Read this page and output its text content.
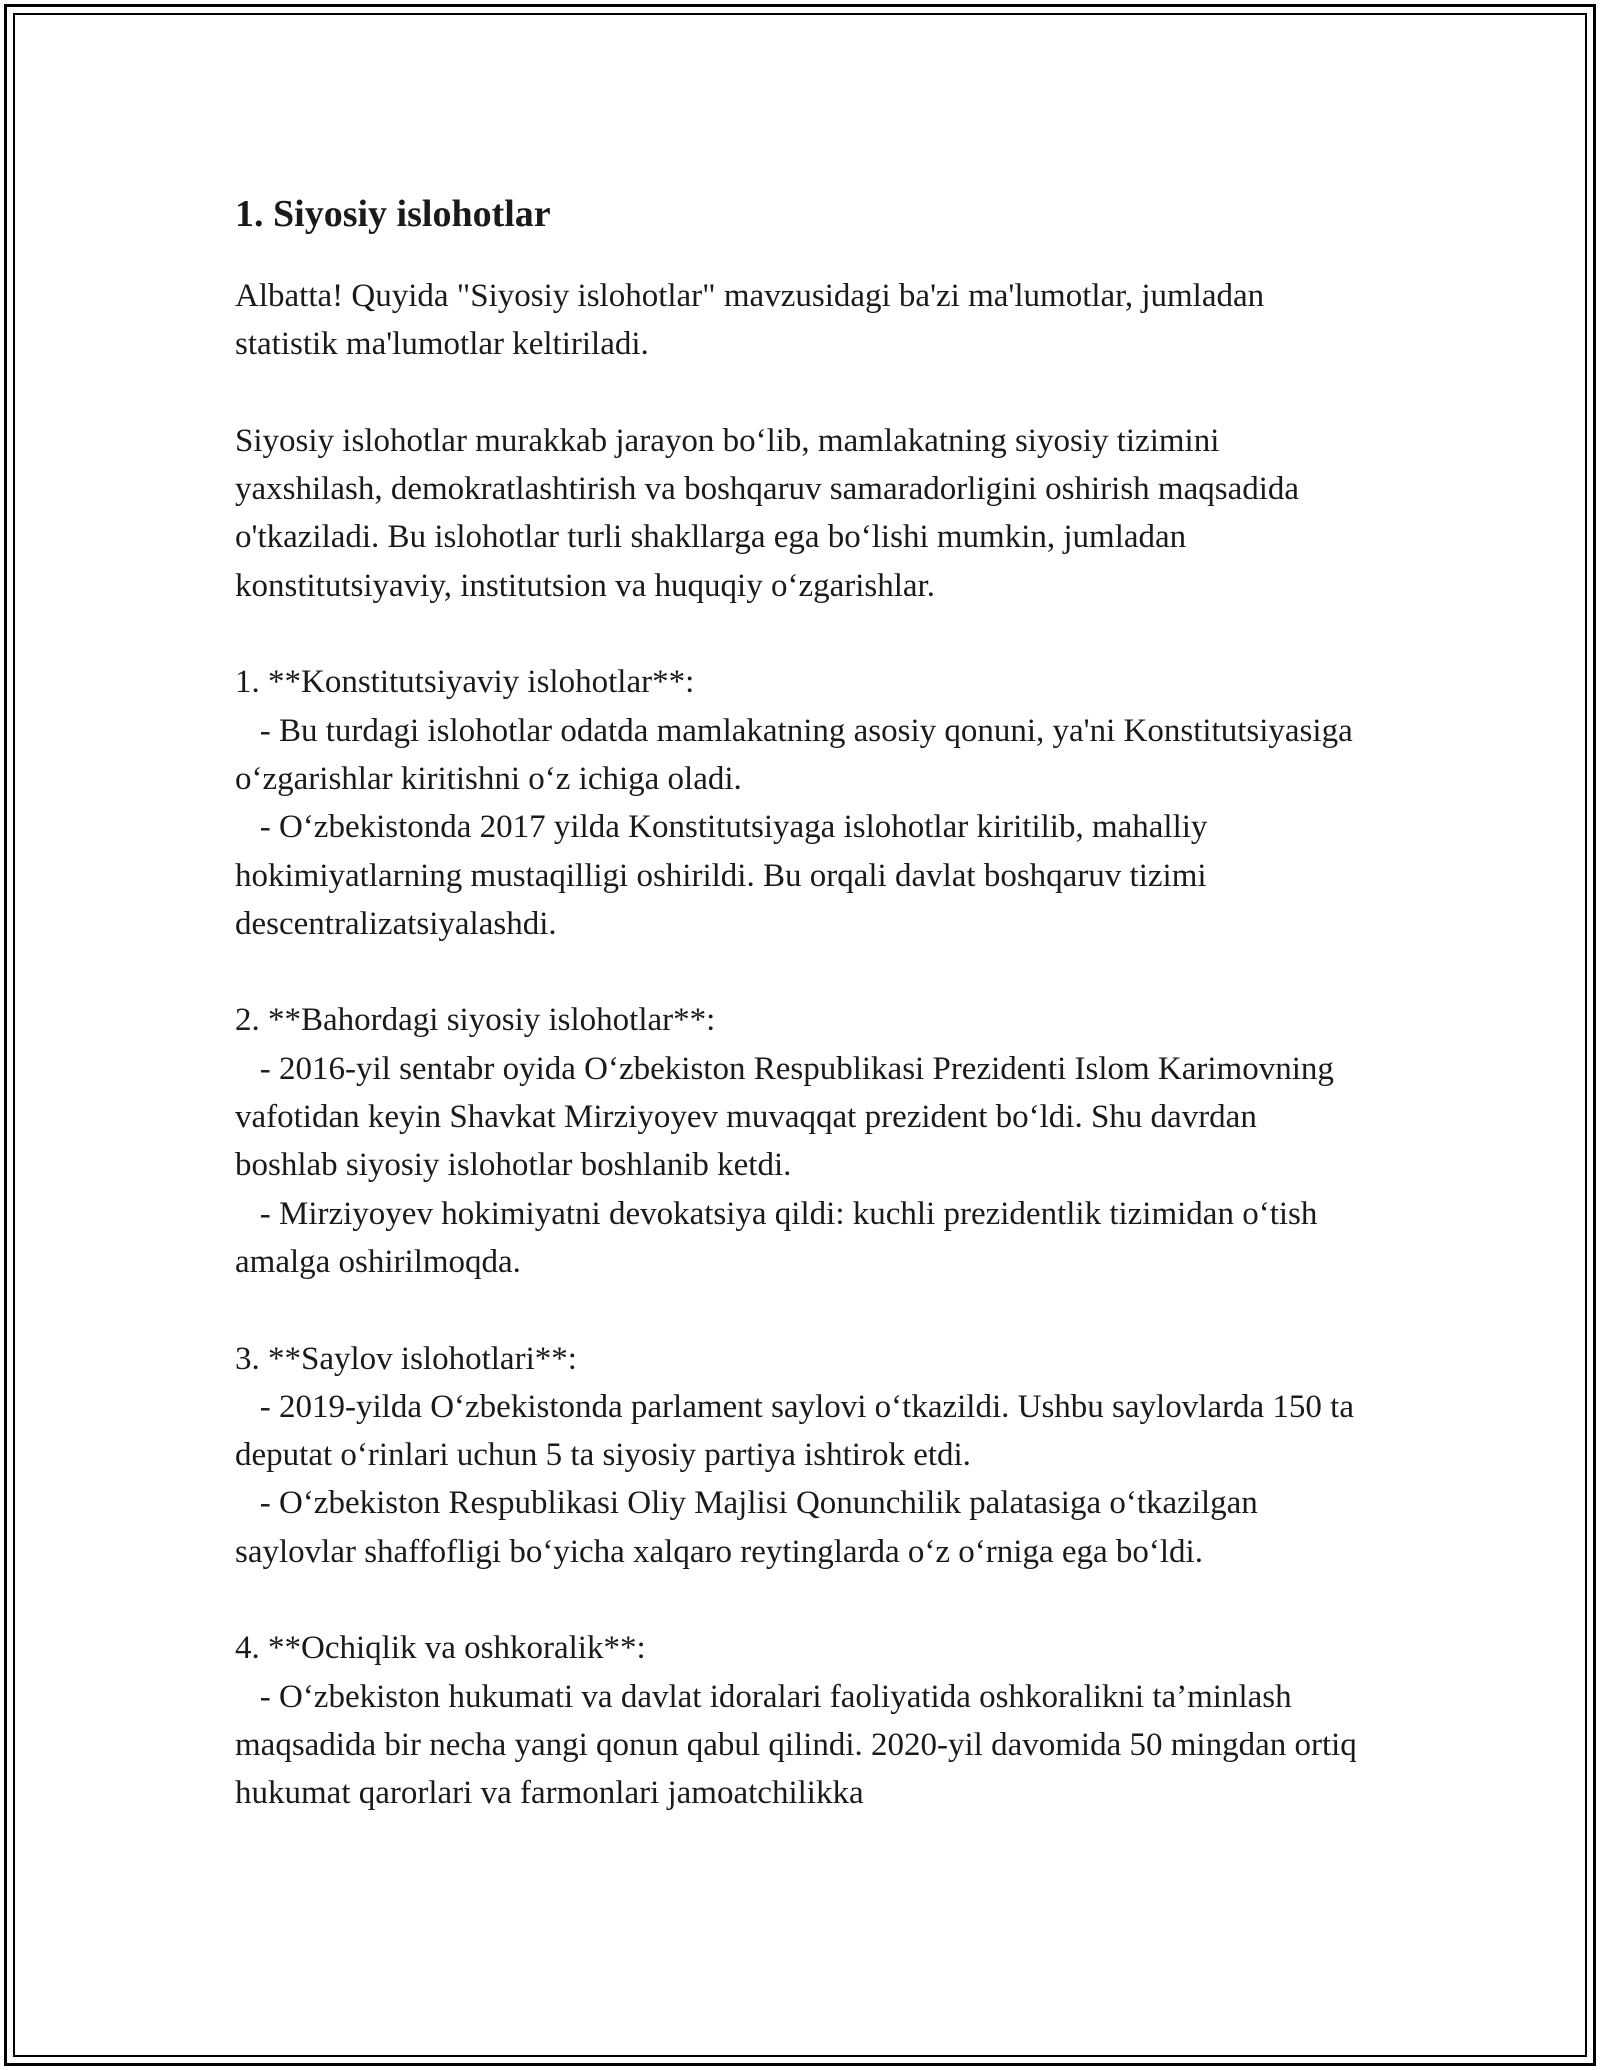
1. Siyosiy islohotlar

Albatta! Quyida "Siyosiy islohotlar" mavzusidagi ba'zi ma'lumotlar, jumladan statistik ma'lumotlar keltiriladi.

Siyosiy islohotlar murakkab jarayon bo‘lib, mamlakatning siyosiy tizimini yaxshilash, demokratlashtirish va boshqaruv samaradorligini oshirish maqsadida o'tkaziladi. Bu islohotlar turli shakllarga ega bo‘lishi mumkin, jumladan konstitutsiyaviy, institutsion va huquqiy o‘zgarishlar.

1. **Konstitutsiyaviy islohotlar**:

- Bu turdagi islohotlar odatda mamlakatning asosiy qonuni, ya'ni Konstitutsiyasiga o‘zgarishlar kiritishni o‘z ichiga oladi.

- O‘zbekistonda 2017 yilda Konstitutsiyaga islohotlar kiritilib, mahalliy hokimiyatlarning mustaqilligi oshirildi. Bu orqali davlat boshqaruv tizimi descentralizatsiyalashdi.

2. **Bahordagi siyosiy islohotlar**:

- 2016-yil sentabr oyida O‘zbekiston Respublikasi Prezidenti Islom Karimovning vafotidan keyin Shavkat Mirziyoyev muvaqqat prezident bo‘ldi. Shu davrdan boshlab siyosiy islohotlar boshlanib ketdi.

- Mirziyoyev hokimiyatni devokatsiya qildi: kuchli prezidentlik tizimidan o‘tish amalga oshirilmoqda.

3. **Saylov islohotlari**:

- 2019-yilda O‘zbekistonda parlament saylovi o‘tkazildi. Ushbu saylovlarda 150 ta deputat o‘rinlari uchun 5 ta siyosiy partiya ishtirok etdi.

- O‘zbekiston Respublikasi Oliy Majlisi Qonunchilik palatasiga o‘tkazilgan saylovlar shaffofligi bo‘yicha xalqaro reytinglarda o‘z o‘rniga ega bo‘ldi.

4. **Ochiqlik va oshkoralik**:

- O‘zbekiston hukumati va davlat idoralari faoliyatida oshkoralikni ta’minlash maqsadida bir necha yangi qonun qabul qilindi. 2020-yil davomida 50 mingdan ortiq hukumat qarorlari va farmonlari jamoatchilikka
